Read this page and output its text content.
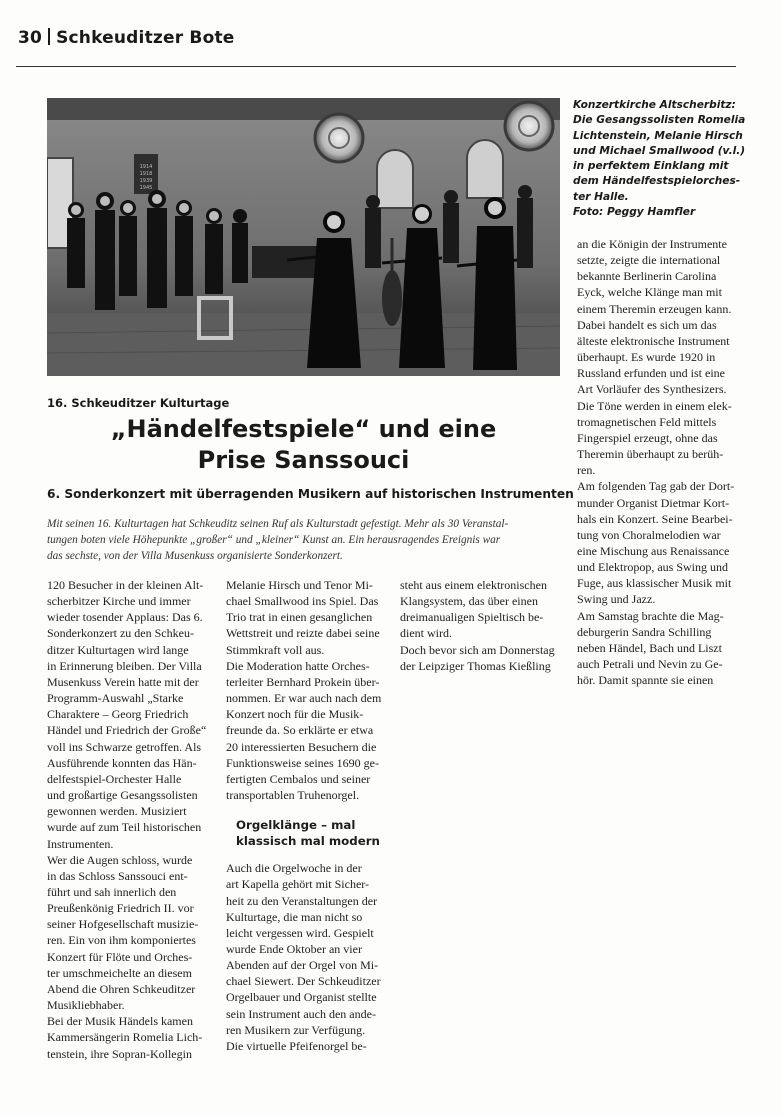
30 Schkeuditzer Bote
1914
1918
1939
1945
Konzertkirche Altscherbitz:
Die Gesangssolisten Romelia
Lichtenstein, Melanie Hirsch
und Michael Smallwood (v.l.)
in perfektem Einklang mit
dem Händelfestspielorches-
ter Halle.
Foto: Peggy Hamfler
16. Schkeuditzer Kulturtage
„Händelfestspiele“ und eine
Prise Sanssouci
6. Sonderkonzert mit überragenden Musikern auf historischen Instrumenten
Mit seinen 16. Kulturtagen hat Schkeuditz seinen Ruf als Kulturstadt gefestigt. Mehr als 30 Veranstal-
tungen boten viele Höhepunkte „großer“ und „kleiner“ Kunst an. Ein herausragendes Ereignis war
das sechste, von der Villa Musenkuss organisierte Sonderkonzert.
120 Besucher in der kleinen Alt-
scherbitzer Kirche und immer
wieder tosender Applaus: Das 6.
Sonderkonzert zu den Schkeu-
ditzer Kulturtagen wird lange
in Erinnerung bleiben. Der Villa
Musenkuss Verein hatte mit der
Programm-Auswahl „Starke
Charaktere – Georg Friedrich
Händel und Friedrich der Große“
voll ins Schwarze getroffen. Als
Ausführende konnten das Hän-
delfestspiel-Orchester Halle
und großartige Gesangssolisten
gewonnen werden. Musiziert
wurde auf zum Teil historischen
Instrumenten.
Wer die Augen schloss, wurde
in das Schloss Sanssouci ent-
führt und sah innerlich den
Preußenkönig Friedrich II. vor
seiner Hofgesellschaft musizie-
ren. Ein von ihm komponiertes
Konzert für Flöte und Orches-
ter umschmeichelte an diesem
Abend die Ohren Schkeuditzer
Musikliebhaber.
Bei der Musik Händels kamen
Kammersängerin Romelia Lich-
tenstein, ihre Sopran-Kollegin
Melanie Hirsch und Tenor Mi-
chael Smallwood ins Spiel. Das
Trio trat in einen gesanglichen
Wettstreit und reizte dabei seine
Stimmkraft voll aus.
Die Moderation hatte Orches-
terleiter Bernhard Prokein über-
nommen. Er war auch nach dem
Konzert noch für die Musik-
freunde da. So erklärte er etwa
20 interessierten Besuchern die
Funktionsweise seines 1690 ge-
fertigten Cembalos und seiner
transportablen Truhenorgel.
Orgelklänge – mal
klassisch mal modern
Auch die Orgelwoche in der
art Kapella gehört mit Sicher-
heit zu den Veranstaltungen der
Kulturtage, die man nicht so
leicht vergessen wird. Gespielt
wurde Ende Oktober an vier
Abenden auf der Orgel von Mi-
chael Siewert. Der Schkeuditzer
Orgelbauer und Organist stellte
sein Instrument auch den ande-
ren Musikern zur Verfügung.
Die virtuelle Pfeifenorgel be-
steht aus einem elektronischen
Klangsystem, das über einen
dreimanualigen Spieltisch be-
dient wird.
Doch bevor sich am Donnerstag
der Leipziger Thomas Kießling
an die Königin der Instrumente
setzte, zeigte die international
bekannte Berlinerin Carolina
Eyck, welche Klänge man mit
einem Theremin erzeugen kann.
Dabei handelt es sich um das
älteste elektronische Instrument
überhaupt. Es wurde 1920 in
Russland erfunden und ist eine
Art Vorläufer des Synthesizers.
Die Töne werden in einem elek-
tromagnetischen Feld mittels
Fingerspiel erzeugt, ohne das
Theremin überhaupt zu berüh-
ren.
Am folgenden Tag gab der Dort-
munder Organist Dietmar Kort-
hals ein Konzert. Seine Bearbei-
tung von Choralmelodien war
eine Mischung aus Renaissance
und Elektropop, aus Swing und
Fuge, aus klassischer Musik mit
Swing und Jazz.
Am Samstag brachte die Mag-
deburgerin Sandra Schilling
neben Händel, Bach und Liszt
auch Petrali und Nevin zu Ge-
hör. Damit spannte sie einen
